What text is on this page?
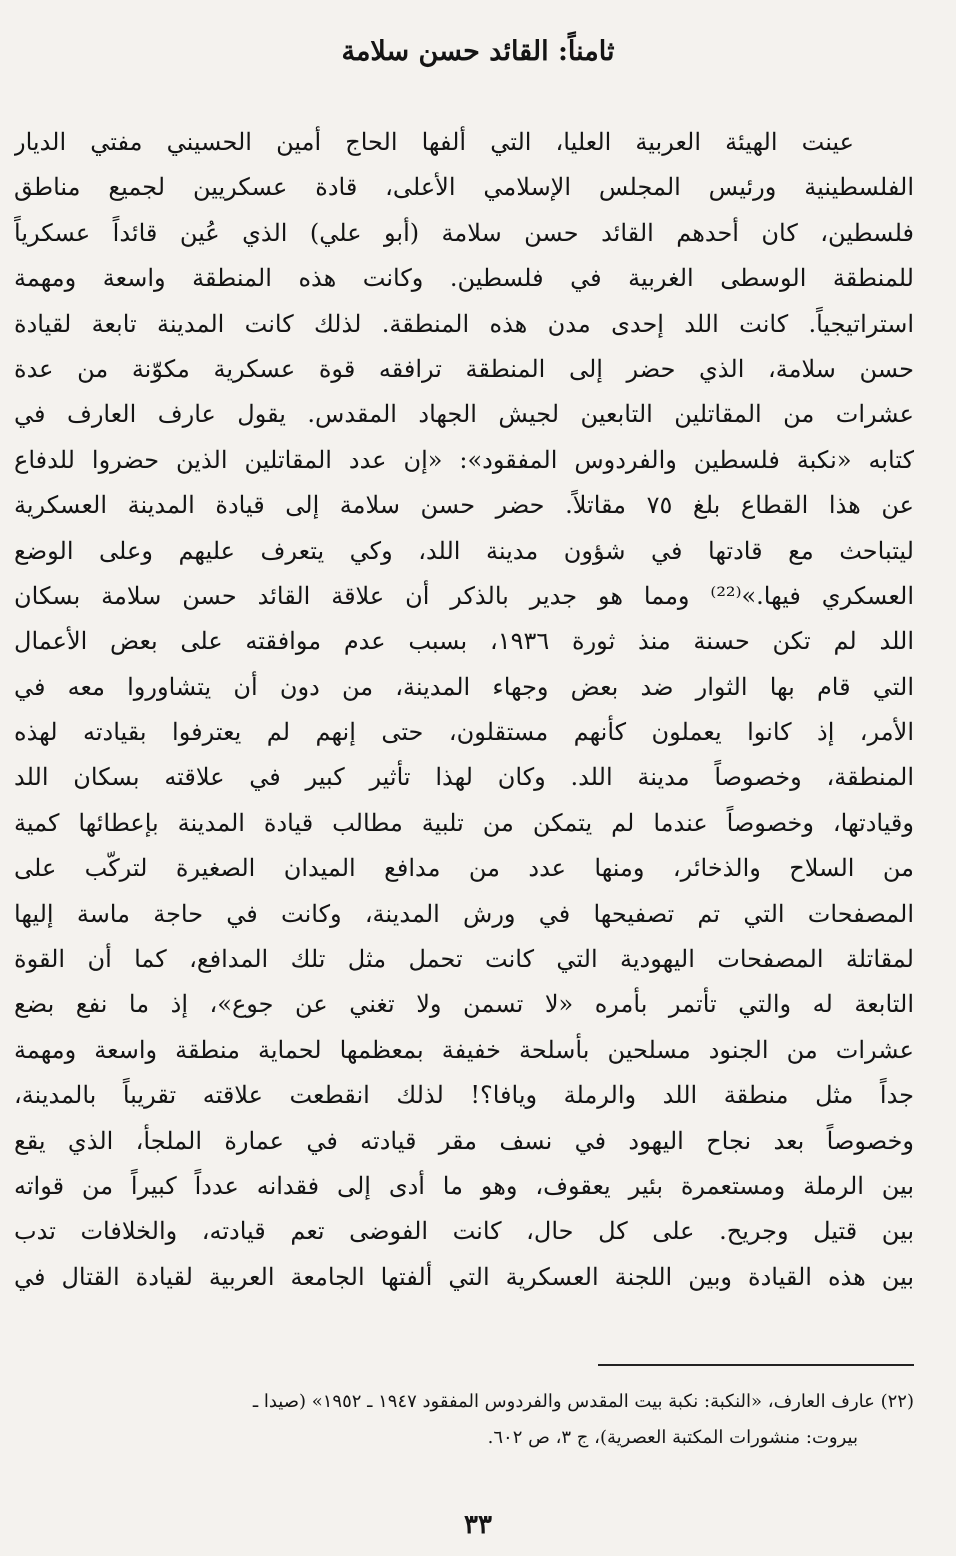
ثامناً: القائد حسن سلامة
عينت الهيئة العربية العليا، التي ألفها الحاج أمين الحسيني مفتي الديار
الفلسطينية ورئيس المجلس الإسلامي الأعلى، قادة عسكريين لجميع مناطق
فلسطين، كان أحدهم القائد حسن سلامة (أبو علي) الذي عُين قائداً عسكرياً
للمنطقة الوسطى الغربية في فلسطين. وكانت هذه المنطقة واسعة ومهمة
استراتيجياً. كانت اللد إحدى مدن هذه المنطقة. لذلك كانت المدينة تابعة لقيادة
حسن سلامة، الذي حضر إلى المنطقة ترافقه قوة عسكرية مكوّنة من عدة
عشرات من المقاتلين التابعين لجيش الجهاد المقدس. يقول عارف العارف في
كتابه «نكبة فلسطين والفردوس المفقود»: «إن عدد المقاتلين الذين حضروا للدفاع
عن هذا القطاع بلغ ٧٥ مقاتلاً. حضر حسن سلامة إلى قيادة المدينة العسكرية
ليتباحث مع قادتها في شؤون مدينة اللد، وكي يتعرف عليهم وعلى الوضع
العسكري فيها.»⁽²²⁾ ومما هو جدير بالذكر أن علاقة القائد حسن سلامة بسكان
اللد لم تكن حسنة منذ ثورة ١٩٣٦، بسبب عدم موافقته على بعض الأعمال
التي قام بها الثوار ضد بعض وجهاء المدينة، من دون أن يتشاوروا معه في
الأمر، إذ كانوا يعملون كأنهم مستقلون، حتى إنهم لم يعترفوا بقيادته لهذه
المنطقة، وخصوصاً مدينة اللد. وكان لهذا تأثير كبير في علاقته بسكان اللد
وقيادتها، وخصوصاً عندما لم يتمكن من تلبية مطالب قيادة المدينة بإعطائها كمية
من السلاح والذخائر، ومنها عدد من مدافع الميدان الصغيرة لتركّب على
المصفحات التي تم تصفيحها في ورش المدينة، وكانت في حاجة ماسة إليها
لمقاتلة المصفحات اليهودية التي كانت تحمل مثل تلك المدافع، كما أن القوة
التابعة له والتي تأتمر بأمره «لا تسمن ولا تغني عن جوع»، إذ ما نفع بضع
عشرات من الجنود مسلحين بأسلحة خفيفة بمعظمها لحماية منطقة واسعة ومهمة
جداً مثل منطقة اللد والرملة ويافا؟! لذلك انقطعت علاقته تقريباً بالمدينة،
وخصوصاً بعد نجاح اليهود في نسف مقر قيادته في عمارة الملجأ، الذي يقع
بين الرملة ومستعمرة بئير يعقوف، وهو ما أدى إلى فقدانه عدداً كبيراً من قواته
بين قتيل وجريح. على كل حال، كانت الفوضى تعم قيادته، والخلافات تدب
بين هذه القيادة وبين اللجنة العسكرية التي ألفتها الجامعة العربية لقيادة القتال في
(٢٢) عارف العارف، «النكبة: نكبة بيت المقدس والفردوس المفقود ١٩٤٧ ـ ١٩٥٢» (صيدا ـ
بيروت: منشورات المكتبة العصرية)، ج ٣، ص ٦٠٢.
٣٣
